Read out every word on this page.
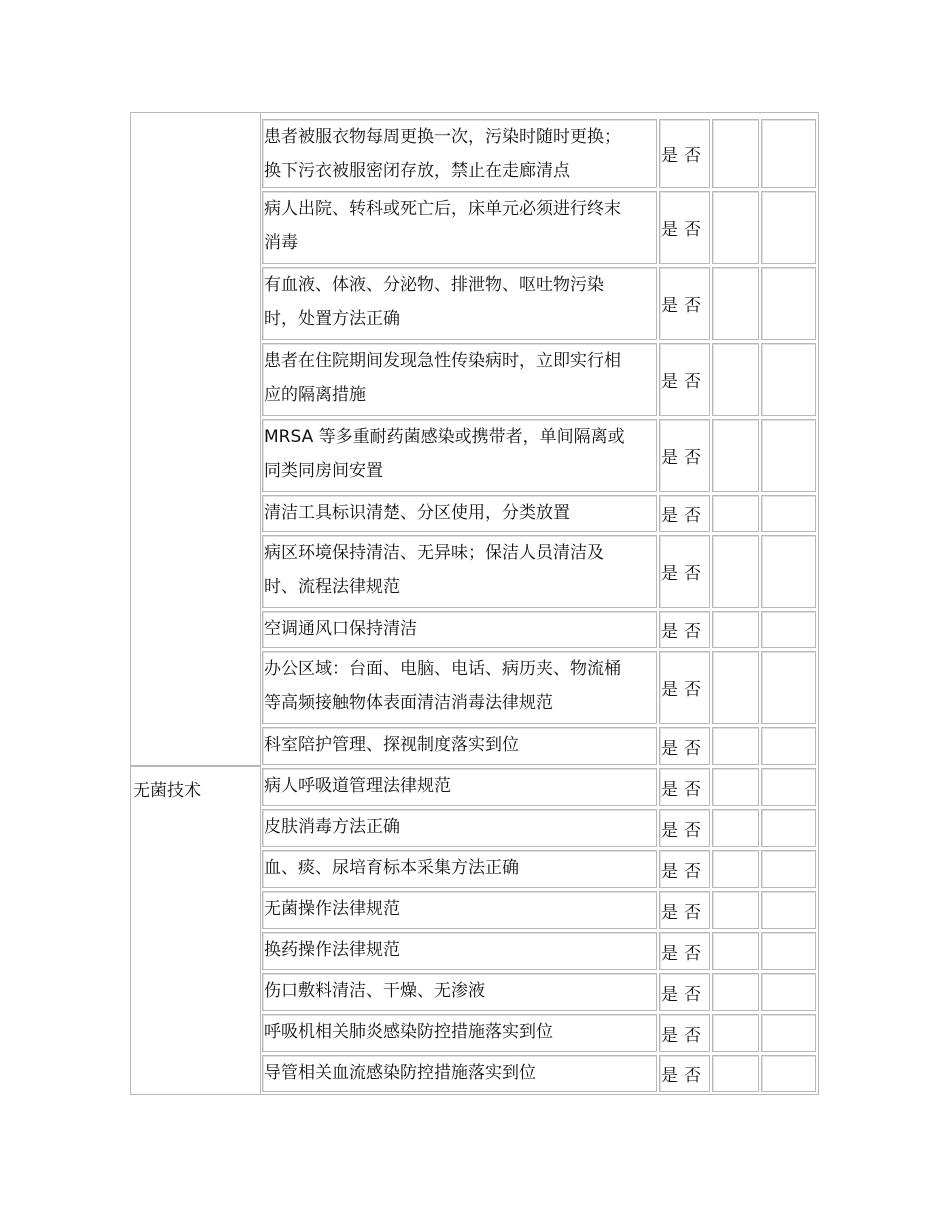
无菌技术
患者被服衣物每周更换一次，污染时随时更换；
换下污衣被服密闭存放，禁止在走廊清点
是 否
病人出院、转科或死亡后，床单元必须进行终末
消毒
是 否
有血液、体液、分泌物、排泄物、呕吐物污染
时，处置方法正确
是 否
患者在住院期间发现急性传染病时，立即实行相
应的隔离措施
是 否
MRSA 等多重耐药菌感染或携带者，单间隔离或
同类同房间安置
是 否
清洁工具标识清楚、分区使用，分类放置	是 否
病区环境保持清洁、无异味；保洁人员清洁及
时、流程法律规范
是 否
空调通风口保持清洁	是 否
办公区域：台面、电脑、电话、病历夹、物流桶
等高频接触物体表面清洁消毒法律规范
是 否
科室陪护管理、探视制度落实到位	是 否
病人呼吸道管理法律规范	是 否
皮肤消毒方法正确	是 否
血、痰、尿培育标本采集方法正确	是 否
无菌操作法律规范	是 否
换药操作法律规范	是 否
伤口敷料清洁、干燥、无渗液	是 否
呼吸机相关肺炎感染防控措施落实到位	是 否
导管相关血流感染防控措施落实到位	是 否
